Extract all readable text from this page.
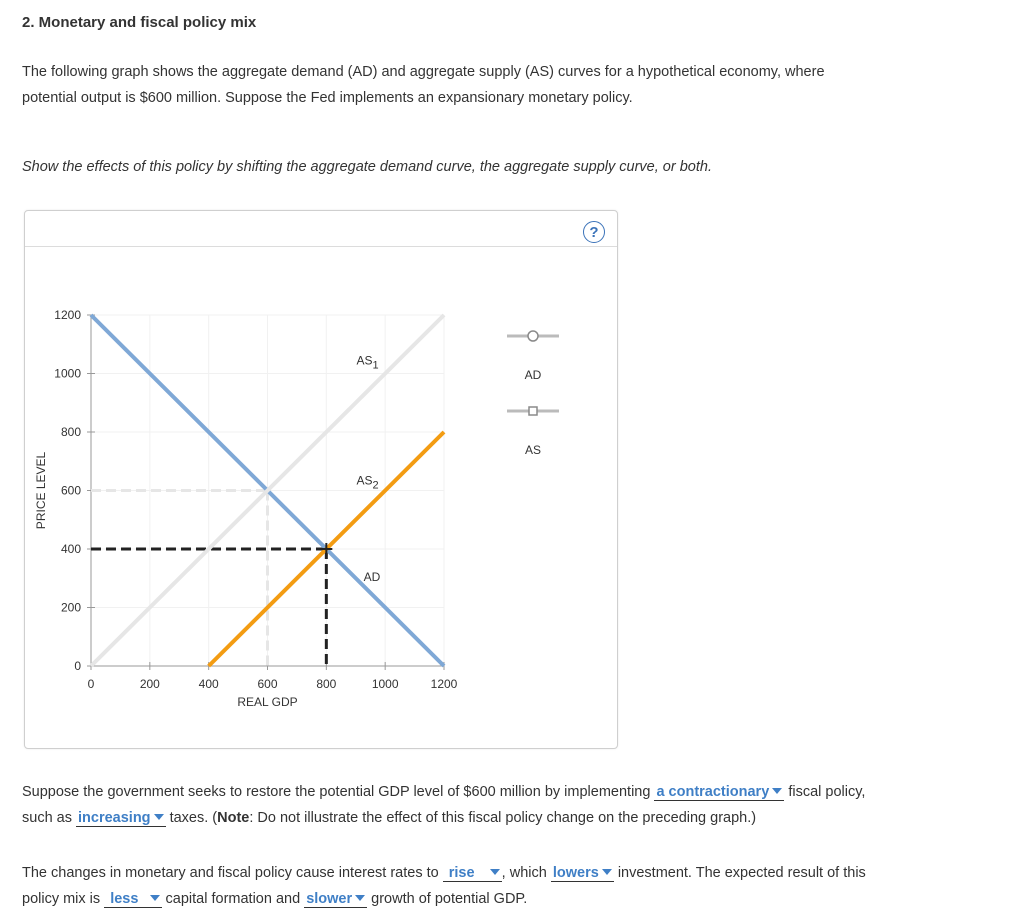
2. Monetary and fiscal policy mix
The following graph shows the aggregate demand (AD) and aggregate supply (AS) curves for a hypothetical economy, where
potential output is $600 million. Suppose the Fed implements an expansionary monetary policy.
Show the effects of this policy by shifting the aggregate demand curve, the aggregate supply curve, or both.
?
0	200	400	600	800	1000	1200
0
200
400
600
800
1000
1200
REAL GDP
PRICE LEVEL
AS1
AS2
AD
AD
AS
Suppose the government seeks to restore the potential GDP level of $600 million by implementing a contractionary fiscal policy,
such as increasing taxes. (Note: Do not illustrate the effect of this fiscal policy change on the preceding graph.)
The changes in monetary and fiscal policy cause interest rates to rise , which lowers investment. The expected result of this
policy mix is less capital formation and slower growth of potential GDP.
